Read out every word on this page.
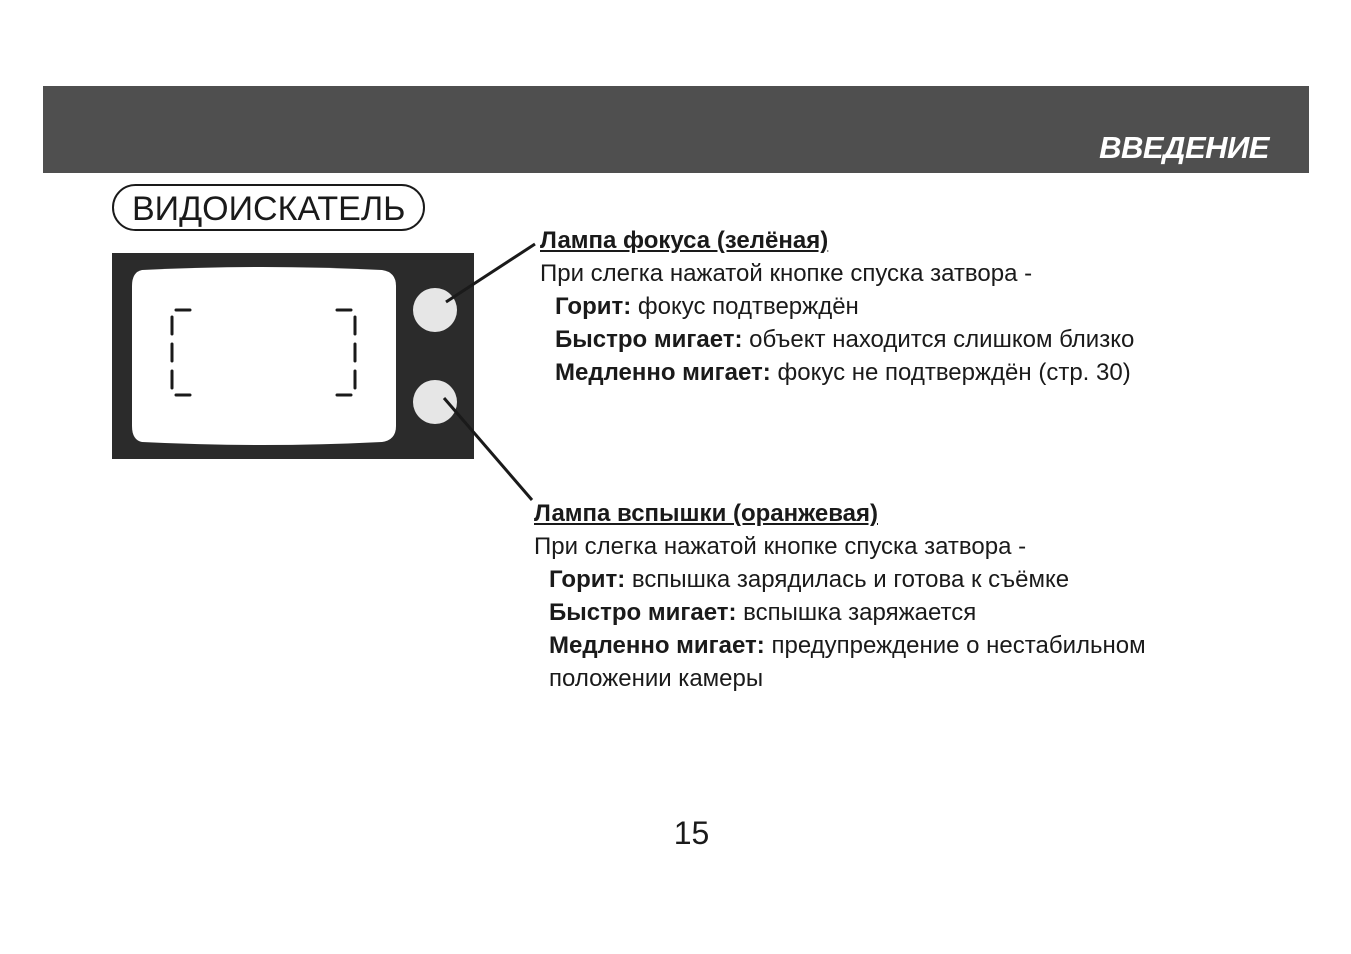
ВВЕДЕНИЕ
ВИДОИСКАТЕЛЬ
Лампа фокуса (зелёная)
При слегка нажатой кнопке спуска затвора -
Горит: фокус подтверждён
Быстро мигает: объект находится слишком близко
Медленно мигает: фокус не подтверждён (стр. 30)
Лампа вспышки (оранжевая)
При слегка нажатой кнопке спуска затвора -
Горит: вспышка зарядилась и готова к съёмке
Быстро мигает: вспышка заряжается
Медленно мигает: предупреждение о нестабильном
положении камеры
15
